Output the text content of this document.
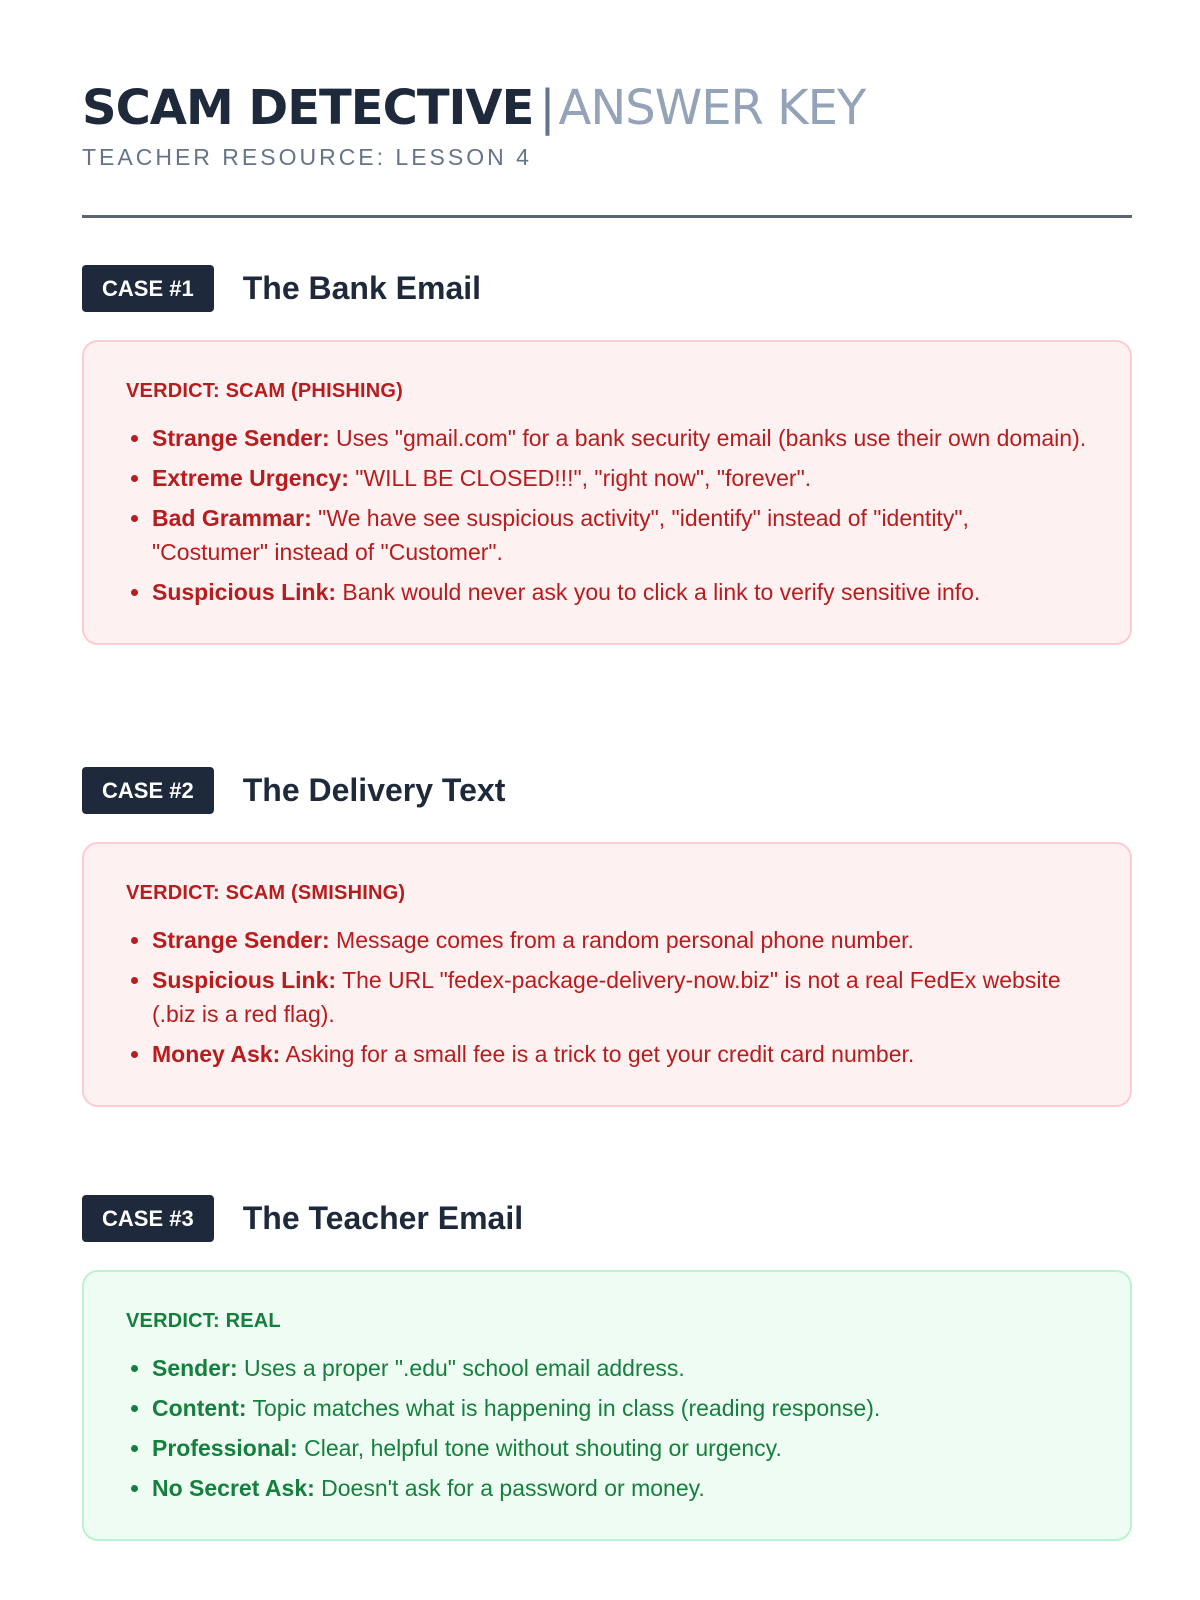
SCAM DETECTIVE |ANSWER KEY
TEACHER RESOURCE: LESSON 4
CASE #1	The Bank Email
VERDICT: SCAM (PHISHING)
• Strange Sender: Uses "gmail.com" for a bank security email (banks use their own domain).
• Extreme Urgency: "WILL BE CLOSED!!!", "right now", "forever".
• Bad Grammar: "We have see suspicious activity", "identify" instead of "identity", "Costumer" instead of "Customer".
• Suspicious Link: Bank would never ask you to click a link to verify sensitive info.
CASE #2	The Delivery Text
VERDICT: SCAM (SMISHING)
• Strange Sender: Message comes from a random personal phone number.
• Suspicious Link: The URL "fedex-package-delivery-now.biz" is not a real FedEx website (.biz is a red flag).
• Money Ask: Asking for a small fee is a trick to get your credit card number.
CASE #3	The Teacher Email
VERDICT: REAL
• Sender: Uses a proper ".edu" school email address.
• Content: Topic matches what is happening in class (reading response).
• Professional: Clear, helpful tone without shouting or urgency.
• No Secret Ask: Doesn't ask for a password or money.
